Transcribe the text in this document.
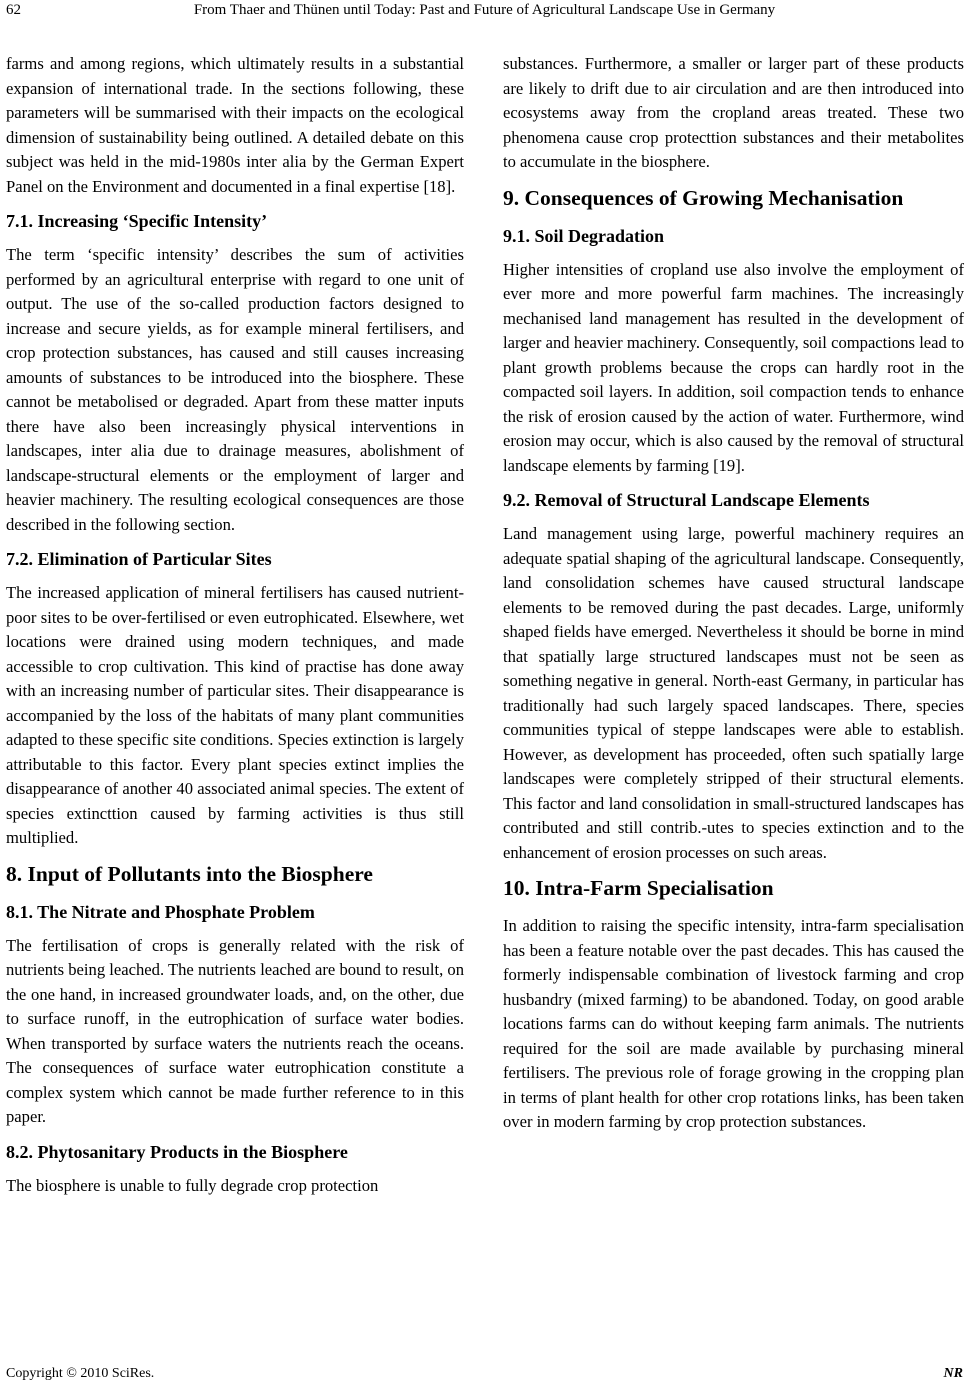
62	From Thaer and Thünen until Today: Past and Future of Agricultural Landscape Use in Germany

farms and among regions, which ultimately results in a substantial expansion of international trade. In the sections following, these parameters will be summarised with their impacts on the ecological dimension of sustainability being outlined. A detailed debate on this subject was held in the mid-1980s inter alia by the German Expert Panel on the Environment and documented in a final expertise [18].

7.1. Increasing ‘Specific Intensity’

The term ‘specific intensity’ describes the sum of activities performed by an agricultural enterprise with regard to one unit of output. The use of the so-called production factors designed to increase and secure yields, as for example mineral fertilisers, and crop protection substances, has caused and still causes increasing amounts of substances to be introduced into the biosphere. These cannot be metabolised or degraded. Apart from these matter inputs there have also been increasingly physical interventions in landscapes, inter alia due to drainage measures, abolishment of landscape-structural elements or the employment of larger and heavier machinery. The resulting ecological consequences are those described in the following section.

7.2. Elimination of Particular Sites

The increased application of mineral fertilisers has caused nutrient-poor sites to be over-fertilised or even eutrophicated. Elsewhere, wet locations were drained using modern techniques, and made accessible to crop cultivation. This kind of practise has done away with an increasing number of particular sites. Their disappearance is accompanied by the loss of the habitats of many plant communities adapted to these specific site conditions. Species extinction is largely attributable to this factor. Every plant species extinct implies the disappearance of another 40 associated animal species. The extent of species extincttion caused by farming activities is thus still multiplied.

8. Input of Pollutants into the Biosphere
8.1. The Nitrate and Phosphate Problem

The fertilisation of crops is generally related with the risk of nutrients being leached. The nutrients leached are bound to result, on the one hand, in increased groundwater loads, and, on the other, due to surface runoff, in the eutrophication of surface water bodies. When transported by surface waters the nutrients reach the oceans. The consequences of surface water eutrophication constitute a complex system which cannot be made further reference to in this paper.

8.2. Phytosanitary Products in the Biosphere

The biosphere is unable to fully degrade crop protection

substances. Furthermore, a smaller or larger part of these products are likely to drift due to air circulation and are then introduced into ecosystems away from the cropland areas treated. These two phenomena cause crop protecttion substances and their metabolites to accumulate in the biosphere.

9. Consequences of Growing Mechanisation
9.1. Soil Degradation

Higher intensities of cropland use also involve the employment of ever more and more powerful farm machines. The increasingly mechanised land management has resulted in the development of larger and heavier machinery. Consequently, soil compactions lead to plant growth problems because the crops can hardly root in the compacted soil layers. In addition, soil compaction tends to enhance the risk of erosion caused by the action of water. Furthermore, wind erosion may occur, which is also caused by the removal of structural landscape elements by farming [19].

9.2. Removal of Structural Landscape Elements

Land management using large, powerful machinery requires an adequate spatial shaping of the agricultural landscape. Consequently, land consolidation schemes have caused structural landscape elements to be removed during the past decades. Large, uniformly shaped fields have emerged. Nevertheless it should be borne in mind that spatially large structured landscapes must not be seen as something negative in general. North-east Germany, in particular has traditionally had such largely spaced landscapes. There, species communities typical of steppe landscapes were able to establish. However, as development has proceeded, often such spatially large landscapes were completely stripped of their structural elements. This factor and land consolidation in small-structured landscapes has contributed and still contrib.-utes to species extinction and to the enhancement of erosion processes on such areas.

10. Intra-Farm Specialisation

In addition to raising the specific intensity, intra-farm specialisation has been a feature notable over the past decades. This has caused the formerly indispensable combination of livestock farming and crop husbandry (mixed farming) to be abandoned. Today, on good arable locations farms can do without keeping farm animals. The nutrients required for the soil are made available by purchasing mineral fertilisers. The previous role of forage growing in the cropping plan in terms of plant health for other crop rotations links, has been taken over in modern farming by crop protection substances.

Copyright © 2010 SciRes.	NR
